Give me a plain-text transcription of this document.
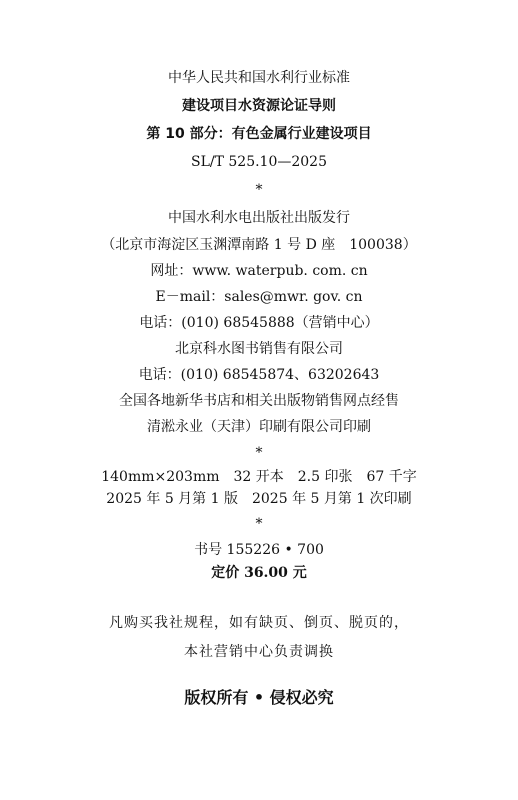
中华人民共和国水利行业标准
建设项目水资源论证导则
第 10 部分：有色金属行业建设项目
SL/T 525.10—2025
*
中国水利水电出版社出版发行
（北京市海淀区玉渊潭南路 1 号 D 座　100038）
网址：www. waterpub. com. cn
E－mail：sales@mwr. gov. cn
电话：(010) 68545888（营销中心）
北京科水图书销售有限公司
电话：(010) 68545874、63202643
全国各地新华书店和相关出版物销售网点经售
清淞永业（天津）印刷有限公司印刷
*
140mm×203mm　32 开本　2.5 印张　67 千字
2025 年 5 月第 1 版　2025 年 5 月第 1 次印刷
*
书号 155226 • 700
定价 36.00 元
凡购买我社规程，如有缺页、倒页、脱页的，
本社营销中心负责调换
版权所有 • 侵权必究
